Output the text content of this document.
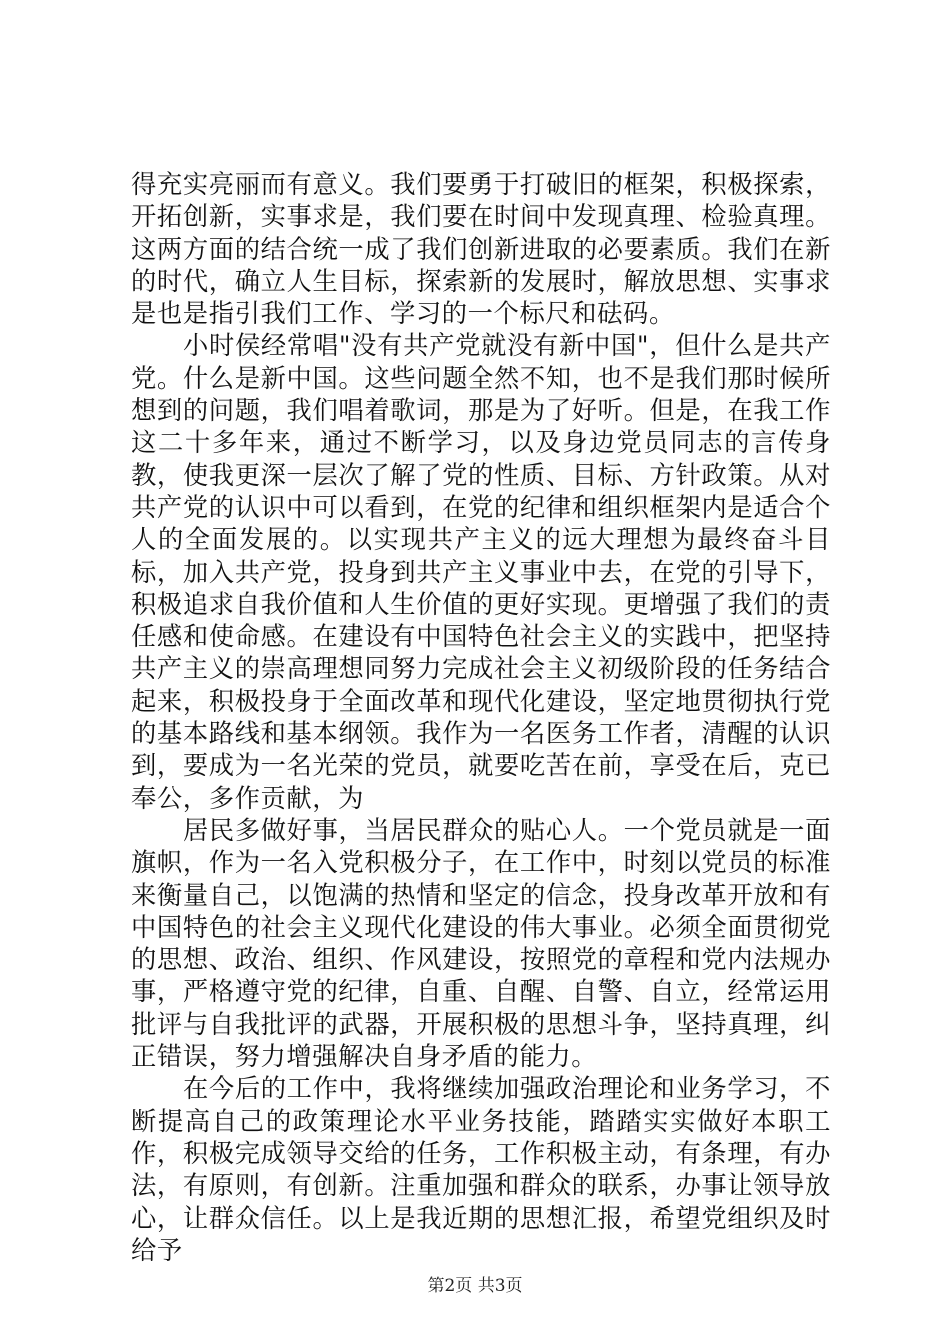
得充实亮丽而有意义。我们要勇于打破旧的框架，积极探索，开拓创新，实事求是，我们要在时间中发现真理、检验真理。这两方面的结合统一成了我们创新进取的必要素质。我们在新的时代，确立人生目标，探索新的发展时，解放思想、实事求是也是指引我们工作、学习的一个标尺和砝码。

小时侯经常唱"没有共产党就没有新中国"，但什么是共产党。什么是新中国。这些问题全然不知，也不是我们那时候所想到的问题，我们唱着歌词，那是为了好听。但是，在我工作这二十多年来，通过不断学习，以及身边党员同志的言传身教，使我更深一层次了解了党的性质、目标、方针政策。从对共产党的认识中可以看到，在党的纪律和组织框架内是适合个人的全面发展的。以实现共产主义的远大理想为最终奋斗目标，加入共产党，投身到共产主义事业中去，在党的引导下，积极追求自我价值和人生价值的更好实现。更增强了我们的责任感和使命感。在建设有中国特色社会主义的实践中，把坚持共产主义的崇高理想同努力完成社会主义初级阶段的任务结合起来，积极投身于全面改革和现代化建设，坚定地贯彻执行党的基本路线和基本纲领。我作为一名医务工作者，清醒的认识到，要成为一名光荣的党员，就要吃苦在前，享受在后，克已奉公，多作贡献，为

居民多做好事，当居民群众的贴心人。一个党员就是一面旗帜，作为一名入党积极分子，在工作中，时刻以党员的标准来衡量自己，以饱满的热情和坚定的信念，投身改革开放和有中国特色的社会主义现代化建设的伟大事业。必须全面贯彻党的思想、政治、组织、作风建设，按照党的章程和党内法规办事，严格遵守党的纪律，自重、自醒、自警、自立，经常运用批评与自我批评的武器，开展积极的思想斗争，坚持真理，纠正错误，努力增强解决自身矛盾的能力。

在今后的工作中，我将继续加强政治理论和业务学习，不断提高自己的政策理论水平业务技能，踏踏实实做好本职工作，积极完成领导交给的任务，工作积极主动，有条理，有办法，有原则，有创新。注重加强和群众的联系，办事让领导放心，让群众信任。以上是我近期的思想汇报，希望党组织及时给予

第2页 共3页
